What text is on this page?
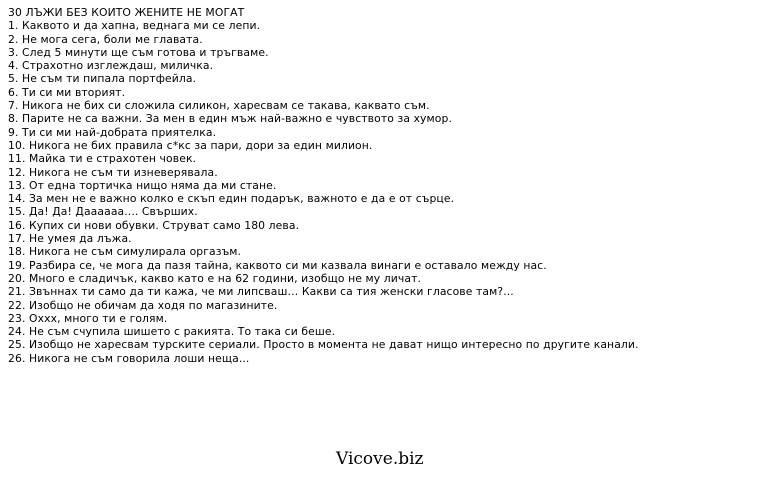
30 ЛЪЖИ БЕЗ КОИТО ЖЕНИТЕ НЕ МОГАТ
1. Каквото и да хапна, веднага ми се лепи.
2. Не мога сега, боли ме главата.
3. След 5 минути ще съм готова и тръгваме.
4. Страхотно изглеждаш, миличка.
5. Не съм ти пипала портфейла.
6. Ти си ми вторият.
7. Никога не бих си сложила силикон, харесвам се такава, каквато съм.
8. Парите не са важни. За мен в един мъж най-важно е чувството за хумор.
9. Ти си ми най-добрата приятелка.
10. Никога не бих правила с*кс за пари, дори за един милион.
11. Майка ти е страхотен човек.
12. Никога не съм ти изневерявала.
13. От една тортичка нищо няма да ми стане.
14. За мен не е важно колко е скъп един подарък, важното е да е от сърце.
15. Да! Да! Даааааа.... Свърших.
16. Купих си нови обувки. Струват само 180 лева.
17. Не умея да лъжа.
18. Никога не съм симулирала оргазъм.
19. Разбира се, че мога да пазя тайна, каквото си ми казвала винаги е оставало между нас.
20. Много е сладичък, какво като е на 62 години, изобщо не му личат.
21. Звъннах ти само да ти кажа, че ми липсваш… Какви са тия женски гласове там?...
22. Изобщо не обичам да ходя по магазините.
23. Оххх, много ти е голям.
24. Не съм счупила шишето с ракията. То така си беше.
25. Изобщо не харесвам турските сериали. Просто в момента не дават нищо интересно по другите канали.
26. Никога не съм говорила лоши неща...
Vicove.biz
